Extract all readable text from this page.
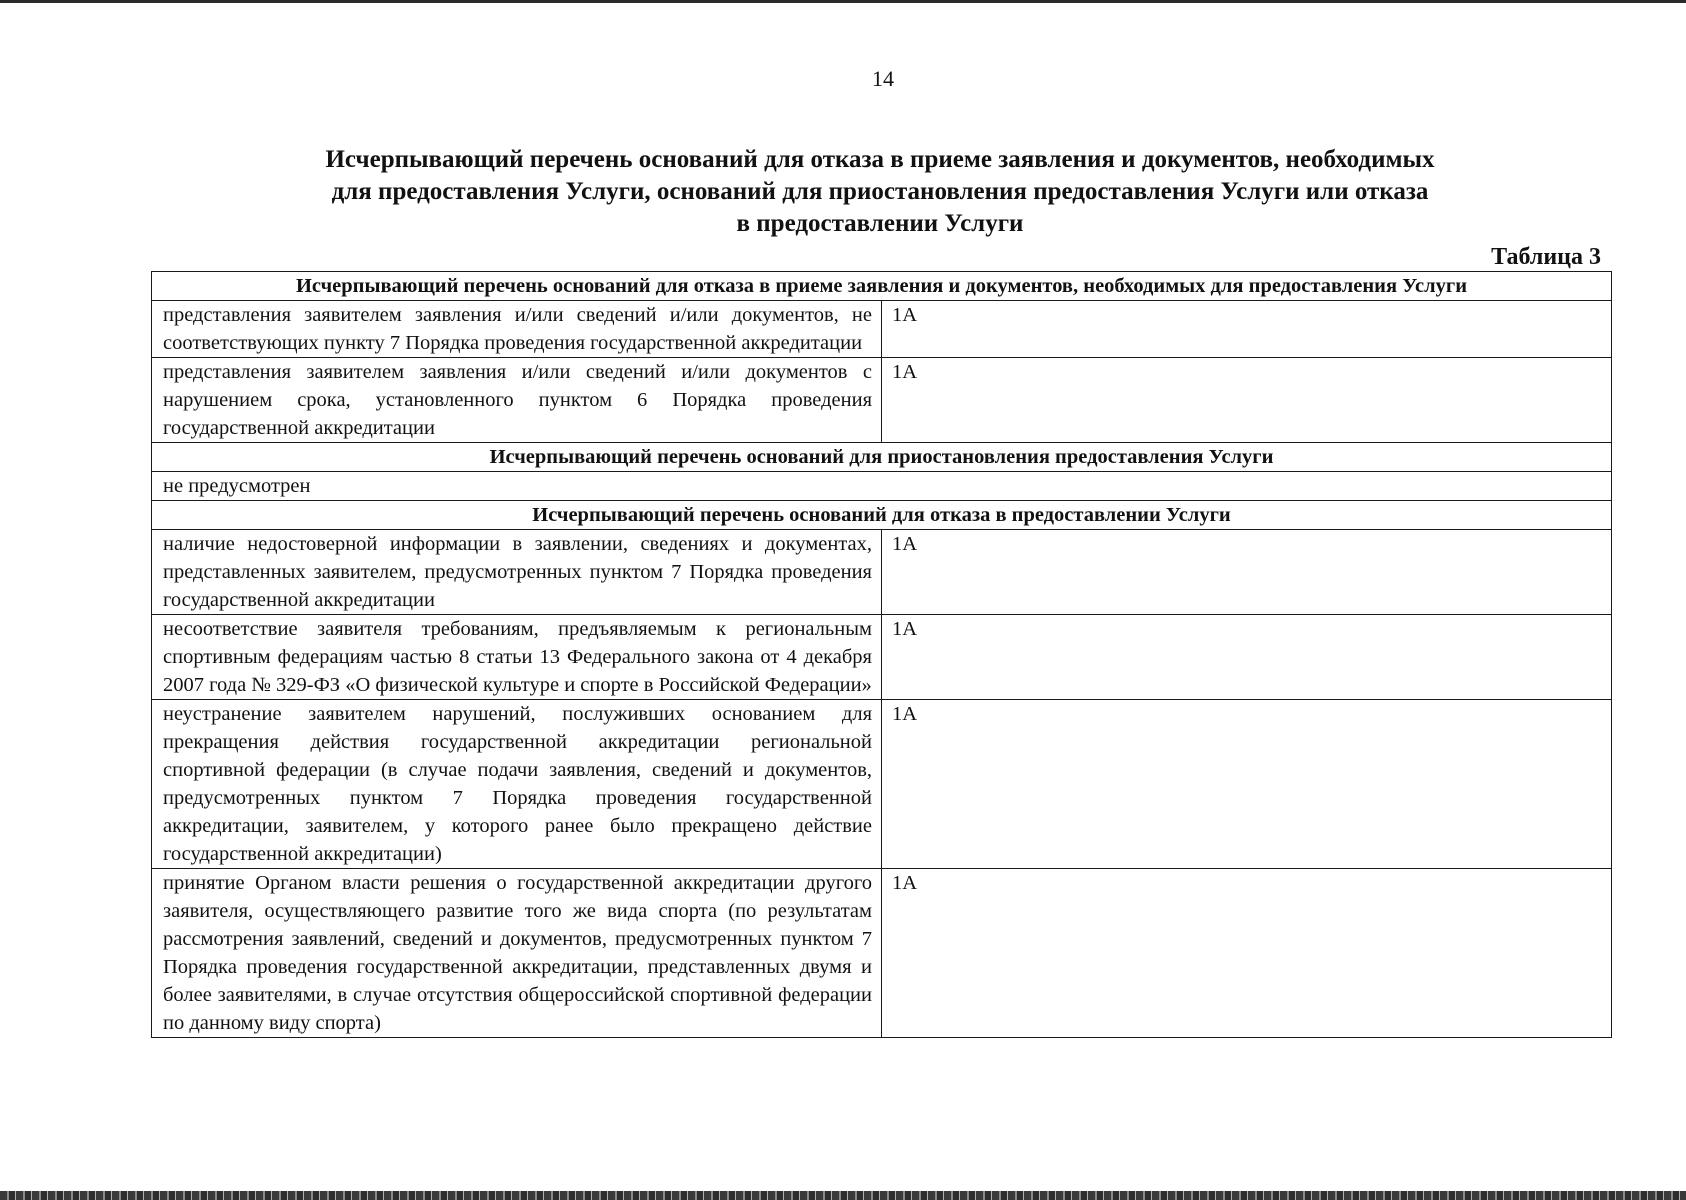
14
Исчерпывающий перечень оснований для отказа в приеме заявления и документов, необходимых
для предоставления Услуги, оснований для приостановления предоставления Услуги или отказа
в предоставлении Услуги
Таблица 3
Исчерпывающий перечень оснований для отказа в приеме заявления и документов, необходимых для предоставления Услуги	
представления заявителем заявления и/или сведений и/или документов, не соответствующих пункту 7 Порядка проведения государственной аккредитации	1А
представления заявителем заявления и/или сведений и/или документов с нарушением срока, установленного пунктом 6 Порядка проведения государственной аккредитации	1А
Исчерпывающий перечень оснований для приостановления предоставления Услуги	
не предусмотрен	
Исчерпывающий перечень оснований для отказа в предоставлении Услуги	
наличие недостоверной информации в заявлении, сведениях и документах, представленных заявителем, предусмотренных пунктом 7 Порядка проведения государственной аккредитации	1А
несоответствие заявителя требованиям, предъявляемым к региональным спортивным федерациям частью 8 статьи 13 Федерального закона от 4 декабря 2007 года № 329-ФЗ «О физической культуре и спорте в Российской Федерации»	1А
неустранение заявителем нарушений, послуживших основанием для прекращения действия государственной аккредитации региональной спортивной федерации (в случае подачи заявления, сведений и документов, предусмотренных пунктом 7 Порядка проведения государственной аккредитации, заявителем, у которого ранее было прекращено действие государственной аккредитации)	1А
принятие Органом власти решения о государственной аккредитации другого заявителя, осуществляющего развитие того же вида спорта (по результатам рассмотрения заявлений, сведений и документов, предусмотренных пунктом 7 Порядка проведения государственной аккредитации, представленных двумя и более заявителями, в случае отсутствия общероссийской спортивной федерации по данному виду спорта)	1А
